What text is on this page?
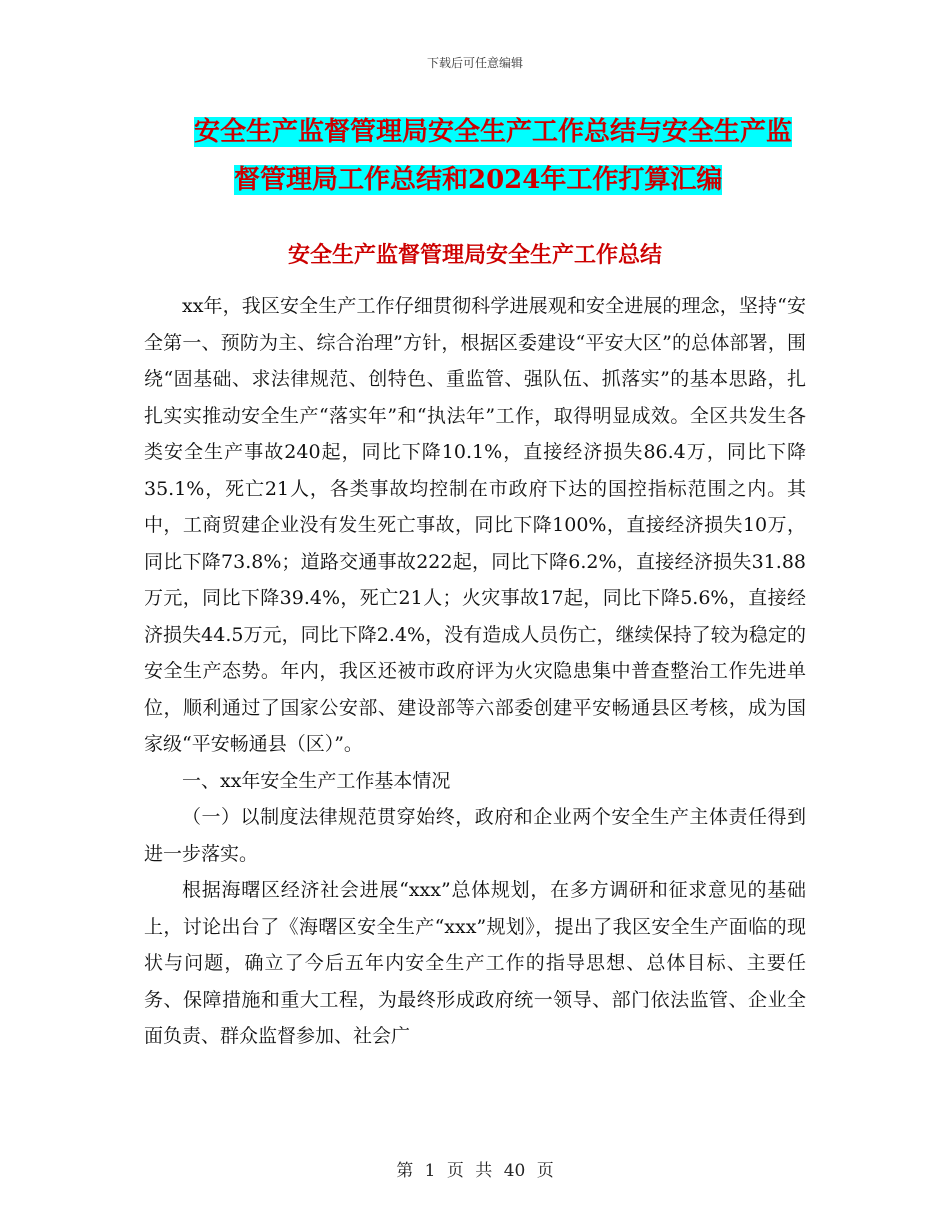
下载后可任意编辑
安全生产监督管理局安全生产工作总结与安全生产监
督管理局工作总结和2024年工作打算汇编
安全生产监督管理局安全生产工作总结

xx年，我区安全生产工作仔细贯彻科学进展观和安全进展的理念，坚持“安全第一、预防为主、综合治理”方针，根据区委建设“平安大区”的总体部署，围绕“固基础、求法律规范、创特色、重监管、强队伍、抓落实”的基本思路，扎扎实实推动安全生产“落实年”和“执法年”工作，取得明显成效。全区共发生各类安全生产事故240起，同比下降10.1%，直接经济损失86.4万，同比下降35.1%，死亡21人，各类事故均控制在市政府下达的国控指标范围之内。其中，工商贸建企业没有发生死亡事故，同比下降100%，直接经济损失10万，同比下降73.8%；道路交通事故222起，同比下降6.2%，直接经济损失31.88万元，同比下降39.4%，死亡21人；火灾事故17起，同比下降5.6%，直接经济损失44.5万元，同比下降2.4%，没有造成人员伤亡，继续保持了较为稳定的安全生产态势。年内，我区还被市政府评为火灾隐患集中普查整治工作先进单位，顺利通过了国家公安部、建设部等六部委创建平安畅通县区考核，成为国家级“平安畅通县（区）”。

一、xx年安全生产工作基本情况

（一）以制度法律规范贯穿始终，政府和企业两个安全生产主体责任得到进一步落实。

根据海曙区经济社会进展“xxx”总体规划，在多方调研和征求意见的基础上，讨论出台了《海曙区安全生产“xxx”规划》，提出了我区安全生产面临的现状与问题，确立了今后五年内安全生产工作的指导思想、总体目标、主要任务、保障措施和重大工程，为最终形成政府统一领导、部门依法监管、企业全面负责、群众监督参加、社会广

第 1 页 共 40 页
